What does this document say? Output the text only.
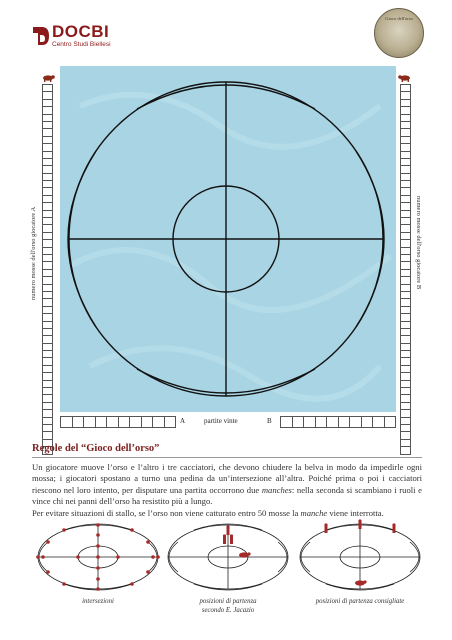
DOCBI
Centro Studi Biellesi
Gioco dell'orso
numero mosse dell'orso giocatore A	numero mosse dell'orso giocatore B
A	partite vinte	B
Regole del “Gioco dell’orso”
Un giocatore muove l’orso e l’altro i tre cacciatori, che devono chiudere la belva in modo da impedirle ogni mossa; i giocatori spostano a turno una pedina da un’intersezione all’altra. Poiché prima o poi i cacciatori riescono nel loro intento, per disputare una partita occorrono due manches: nella seconda si scambiano i ruoli e vince chi nei panni dell’orso ha resistito più a lungo.
Per evitare situazioni di stallo, se l’orso non viene catturato entro 50 mosse la manche viene interrotta.
intersezioni	posizioni di partenza
secondo E. Jacazio
posizioni di partenza consigliate
